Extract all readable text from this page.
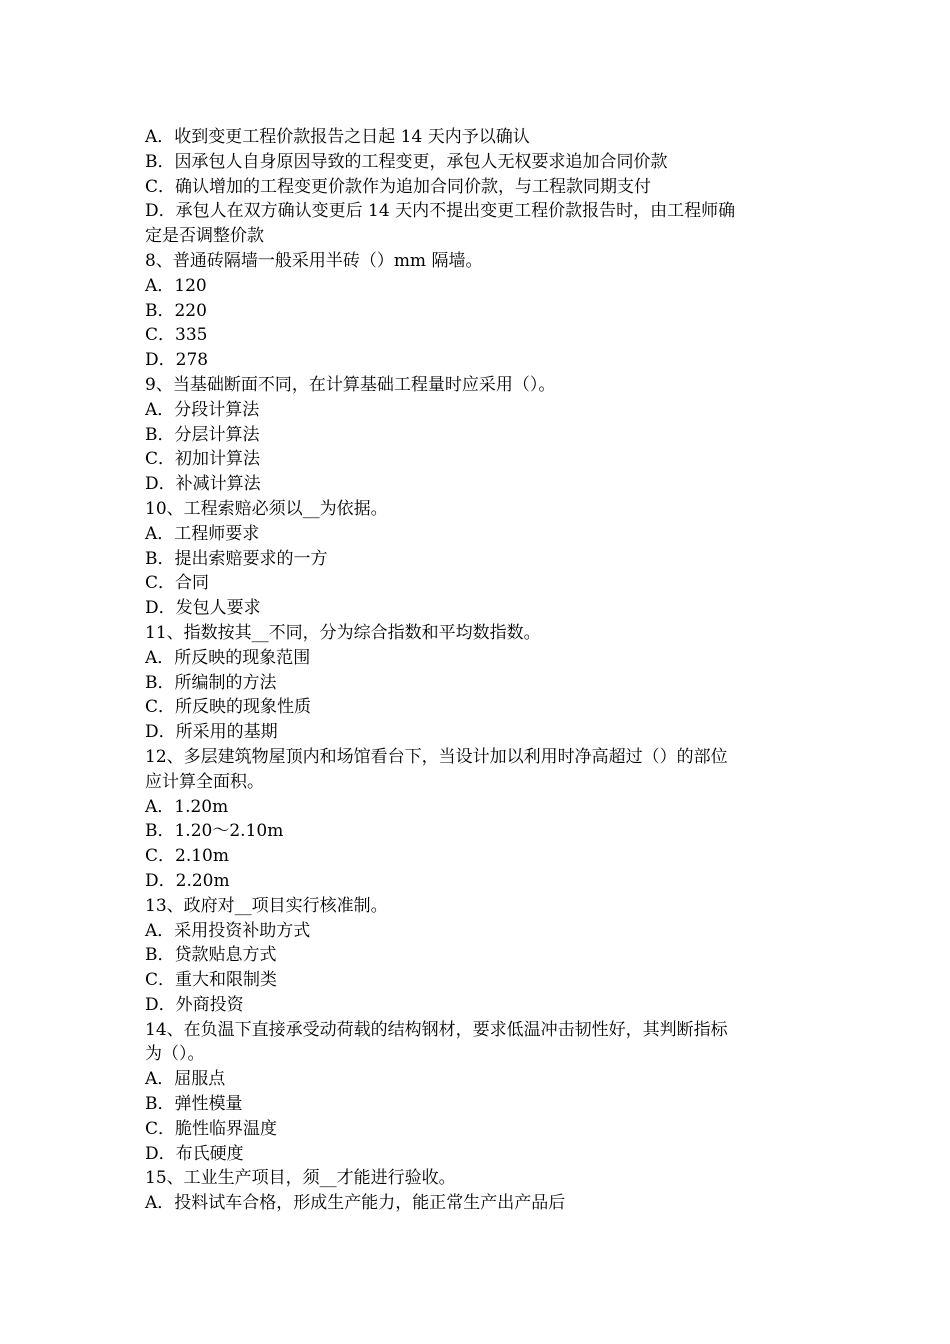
A．收到变更工程价款报告之日起 14 天内予以确认
B．因承包人自身原因导致的工程变更，承包人无权要求追加合同价款
C．确认增加的工程变更价款作为追加合同价款，与工程款同期支付
D．承包人在双方确认变更后 14 天内不提出变更工程价款报告时，由工程师确
定是否调整价款
8、普通砖隔墙一般采用半砖（）mm 隔墙。
A．120
B．220
C．335
D．278
9、当基础断面不同，在计算基础工程量时应采用（）。
A．分段计算法
B．分层计算法
C．初加计算法
D．补减计算法
10、工程索赔必须以__为依据。
A．工程师要求
B．提出索赔要求的一方
C．合同
D．发包人要求
11、指数按其__不同，分为综合指数和平均数指数。
A．所反映的现象范围
B．所编制的方法
C．所反映的现象性质
D．所采用的基期
12、多层建筑物屋顶内和场馆看台下，当设计加以利用时净高超过（）的部位
应计算全面积。
A．1.20m
B．1.20～2.10m
C．2.10m
D．2.20m
13、政府对__项目实行核准制。
A．采用投资补助方式
B．贷款贴息方式
C．重大和限制类
D．外商投资
14、在负温下直接承受动荷载的结构钢材，要求低温冲击韧性好，其判断指标
为（）。
A．屈服点
B．弹性模量
C．脆性临界温度
D．布氏硬度
15、工业生产项目，须__才能进行验收。
A．投料试车合格，形成生产能力，能正常生产出产品后
